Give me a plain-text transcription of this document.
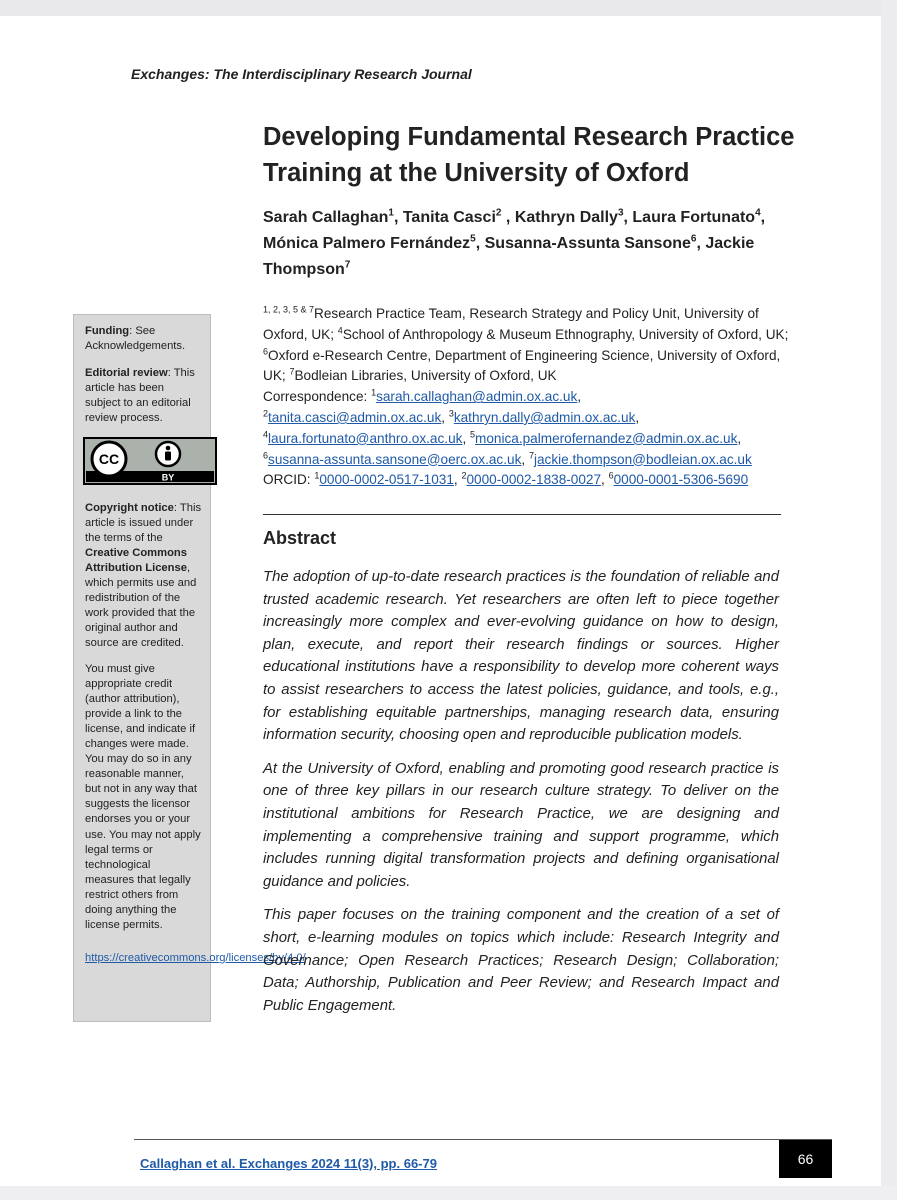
Exchanges: The Interdisciplinary Research Journal
Developing Fundamental Research Practice
Training at the University of Oxford
Sarah Callaghan$^1$, Tanita Casci$^2$ , Kathryn Dally$^3$, Laura Fortunato$^4$, Mónica Palmero Fernández$^5$, Susanna-Assunta Sansone$^6$, Jackie Thompson$^7$
$^{1, 2, 3, 5 \& 7}$Research Practice Team, Research Strategy and Policy Unit, University of Oxford, UK; $^4$School of Anthropology & Museum Ethnography, University of Oxford, UK; $^6$Oxford e-Research Centre, Department of Engineering Science, University of Oxford, UK; $^7$Bodleian Libraries, University of Oxford, UK
Correspondence: $^1$sarah.callaghan@admin.ox.ac.uk,
$^2$tanita.casci@admin.ox.ac.uk, $^3$kathryn.dally@admin.ox.ac.uk,
$^4$laura.fortunato@anthro.ox.ac.uk, $^5$monica.palmerofernandez@admin.ox.ac.uk,
$^6$susanna-assunta.sansone@oerc.ox.ac.uk, $^7$jackie.thompson@bodleian.ox.ac.uk
ORCID: $^1$0000-0002-0517-1031, $^2$0000-0002-1838-0027, $^6$0000-0001-5306-5690

Funding: See Acknowledgements.

Editorial review: This article has been subject to an editorial review process.

CC
BY

Copyright notice: This article is issued under the terms of the Creative Commons Attribution License, which permits use and redistribution of the work provided that the original author and source are credited.

You must give appropriate credit (author attribution), provide a link to the license, and indicate if changes were made. You may do so in any reasonable manner, but not in any way that suggests the licensor endorses you or your use. You may not apply legal terms or technological measures that legally restrict others from doing anything the license permits.

https://creativecommons.org/licenses/by/4.0/
Abstract

The adoption of up-to-date research practices is the foundation of reliable and trusted academic research. Yet researchers are often left to piece together increasingly more complex and ever-evolving guidance on how to design, plan, execute, and report their research findings or sources. Higher educational institutions have a responsibility to develop more coherent ways to assist researchers to access the latest policies, guidance, and tools, e.g., for establishing equitable partnerships, managing research data, ensuring information security, choosing open and reproducible publication models.

At the University of Oxford, enabling and promoting good research practice is one of three key pillars in our research culture strategy. To deliver on the institutional ambitions for Research Practice, we are designing and implementing a comprehensive training and support programme, which includes running digital transformation projects and defining organisational guidance and policies.

This paper focuses on the training component and the creation of a set of short, e-learning modules on topics which include: Research Integrity and Governance; Open Research Practices; Research Design; Collaboration; Data; Authorship, Publication and Peer Review; and Research Impact and Public Engagement.

Callaghan et al. Exchanges 2024 11(3), pp. 66-79	66
